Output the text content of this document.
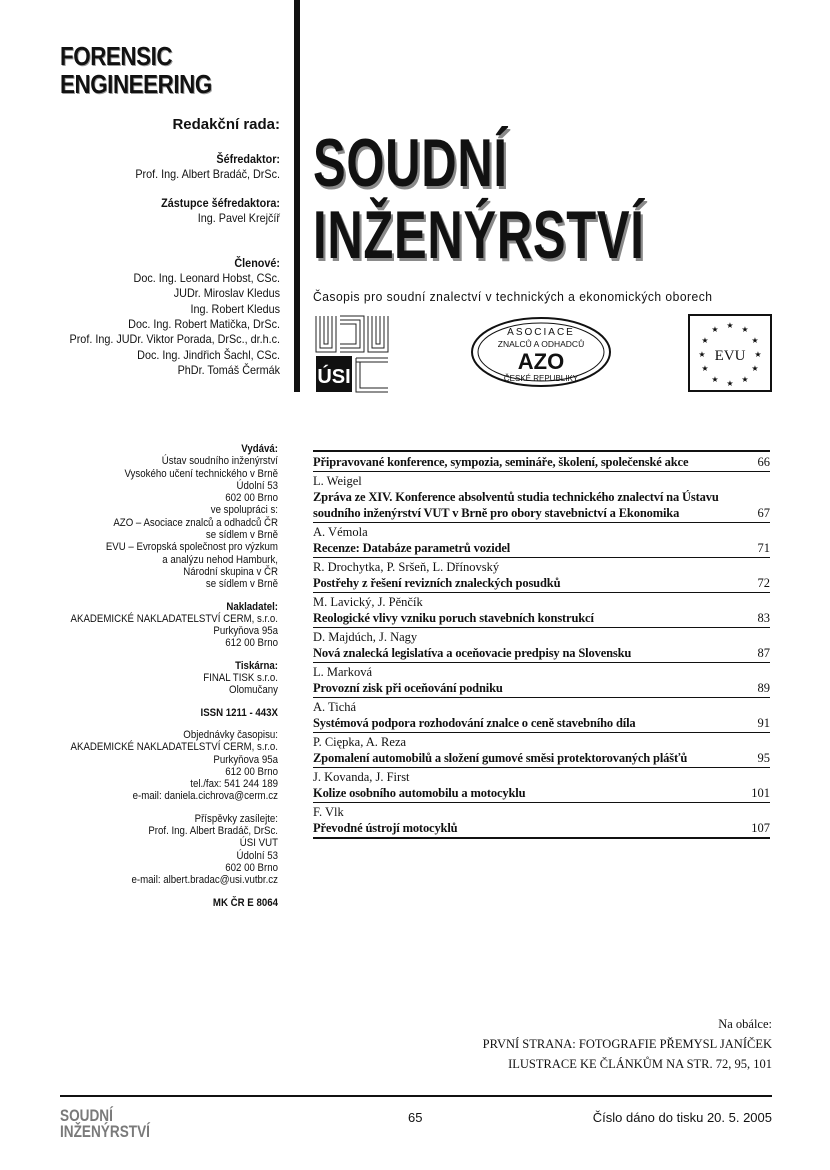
FORENSIC
ENGINEERING
Redakční rada:
Šéfredaktor:
Prof. Ing. Albert Bradáč, DrSc.
Zástupce šéfredaktora:
Ing. Pavel Krejčíř
Členové:
Doc. Ing. Leonard Hobst, CSc.
JUDr. Miroslav Kledus
Ing. Robert Kledus
Doc. Ing. Robert Matička, DrSc.
Prof. Ing. JUDr. Viktor Porada, DrSc., dr.h.c.
Doc. Ing. Jindřich Šachl, CSc.
PhDr. Tomáš Čermák
SOUDNÍ
INŽENÝRSTVÍ
Časopis pro soudní znalectví v technických a ekonomických oborech
ÚSI
ASOCIACE
ZNALCŮ A ODHADCŮ
AZO
ČESKÉ REPUBLIKY
★ ★
★
★
★
★
★
★
★
★
★
★
EVU
Vydává:
Ústav soudního inženýrství
Vysokého učení technického v Brně
Údolní 53
602 00 Brno
ve spolupráci s:
AZO – Asociace znalců a odhadců ČR
se sídlem v Brně
EVU – Evropská společnost pro výzkum
a analýzu nehod Hamburk,
Národní skupina v ČR
se sídlem v Brně
Nakladatel:
AKADEMICKÉ NAKLADATELSTVÍ CERM, s.r.o.
Purkyňova 95a
612 00 Brno
Tiskárna:
FINAL TISK s.r.o.
Olomučany
ISSN 1211 - 443X
Objednávky časopisu:
AKADEMICKÉ NAKLADATELSTVÍ CERM, s.r.o.
Purkyňova 95a
612 00 Brno
tel./fax: 541 244 189
e-mail: daniela.cichrova@cerm.cz
Příspěvky zasílejte:
Prof. Ing. Albert Bradáč, DrSc.
ÚSI VUT
Údolní 53
602 00 Brno
e-mail: albert.bradac@usi.vutbr.cz
MK ČR E 8064
Připravované konference, sympozia, semináře, školení, společenské akce	66
L. Weigel
Zpráva ze XIV. Konference absolventů studia technického znalectví na Ústavu
soudního inženýrství VUT v Brně pro obory stavebnictví a Ekonomika	67
A. Vémola
Recenze: Databáze parametrů vozidel	71
R. Drochytka, P. Sršeň, L. Dřínovský
Postřehy z řešení revizních znaleckých posudků	72
M. Lavický, J. Pěnčík
Reologické vlivy vzniku poruch stavebních konstrukcí	83
D. Majdúch, J. Nagy
Nová znalecká legislatíva a oceňovacie predpisy na Slovensku	87
L. Marková
Provozní zisk při oceňování podniku	89
A. Tichá
Systémová podpora rozhodování znalce o ceně stavebního díla	91
P. Ciępka, A. Reza
Zpomalení automobilů a složení gumové směsi protektorovaných plášťů	95
J. Kovanda, J. First
Kolize osobního automobilu a motocyklu	101
F. Vlk
Převodné ústrojí motocyklů	107
Na obálce:
PRVNÍ STRANA: FOTOGRAFIE PŘEMYSL JANÍČEK
ILUSTRACE KE ČLÁNKŮM NA STR. 72, 95, 101
SOUDNÍ
INŽENÝRSTVÍ
65	Číslo dáno do tisku 20. 5. 2005
